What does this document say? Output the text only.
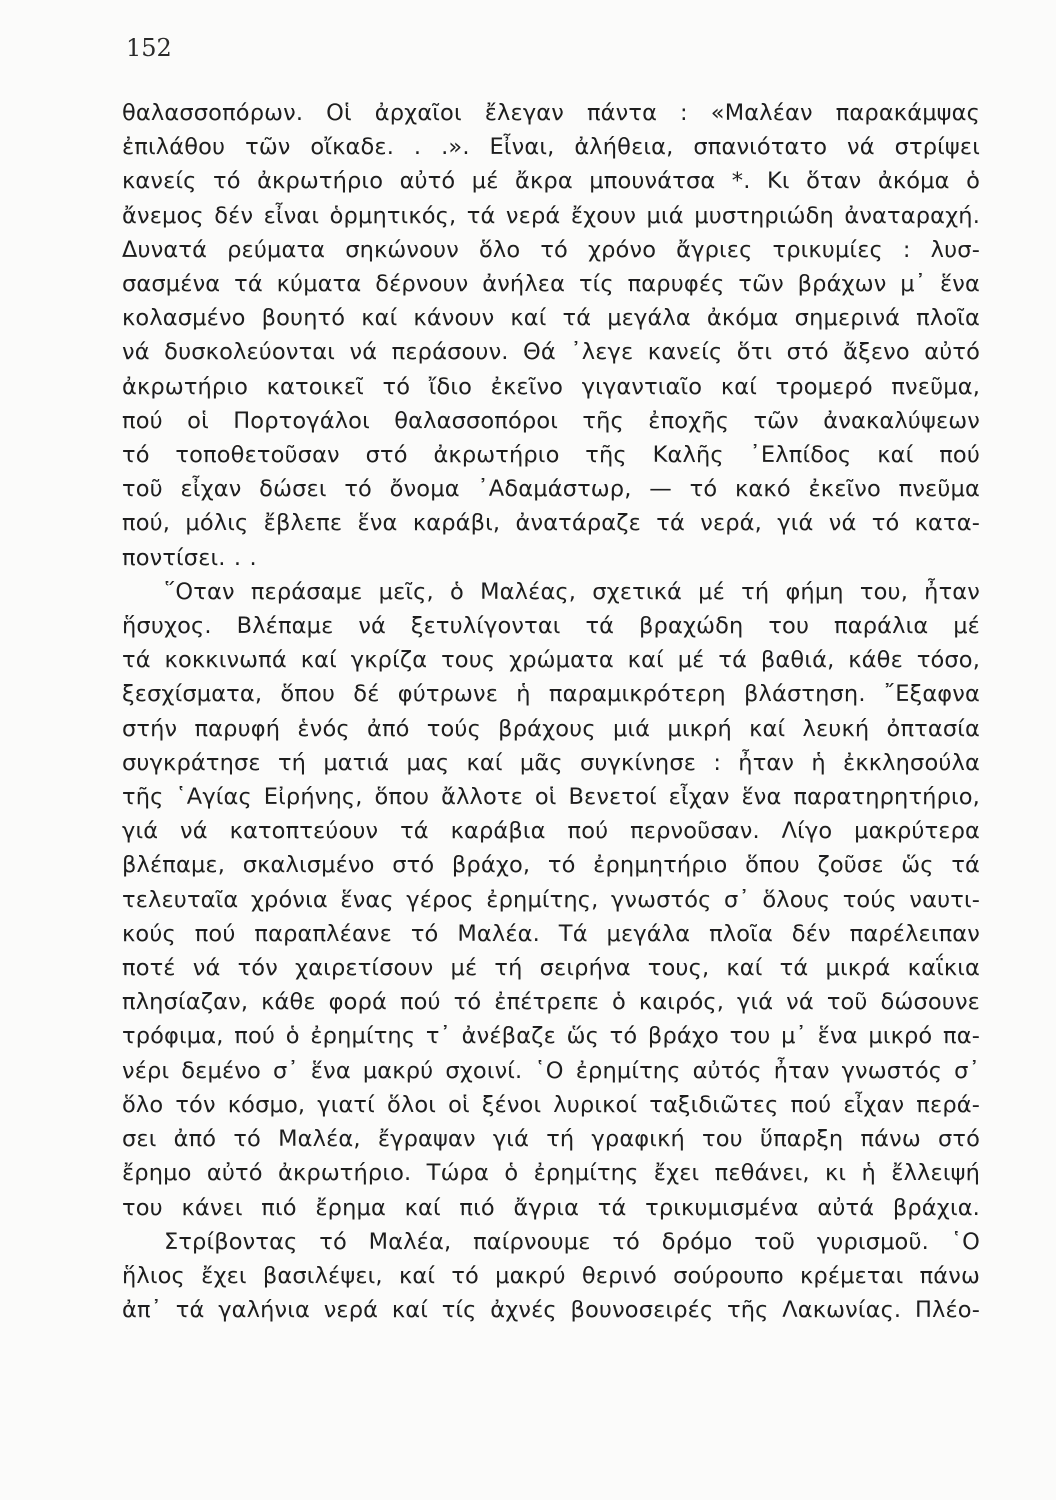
152

θαλασσοπόρων. Οἱ ἀρχαῖοι ἔλεγαν πάντα : «Μαλέαν παρακάμψας
ἐπιλάθου τῶν οἴκαδε. . .». Εἶναι, ἀλήθεια, σπανιότατο νά στρίψει
κανείς τό ἀκρωτήριο αὐτό μέ ἄκρα μπουνάτσα *. Κι ὅταν ἀκόμα ὁ
ἄνεμος δέν εἶναι ὁρμητικός, τά νερά ἔχουν μιά μυστηριώδη ἀναταραχή.
Δυνατά ρεύματα σηκώνουν ὅλο τό χρόνο ἄγριες τρικυμίες : λυσ-
σασμένα τά κύματα δέρνουν ἀνήλεα τίς παρυφές τῶν βράχων μ᾿ ἕνα
κολασμένο βουητό καί κάνουν καί τά μεγάλα ἀκόμα σημερινά πλοῖα
νά δυσκολεύονται νά περάσουν. Θά ᾿λεγε κανείς ὅτι στό ἄξενο αὐτό
ἀκρωτήριο κατοικεῖ τό ἴδιο ἐκεῖνο γιγαντιαῖο καί τρομερό πνεῦμα,
πού οἱ Πορτογάλοι θαλασσοπόροι τῆς ἐποχῆς τῶν ἀνακαλύψεων
τό τοποθετοῦσαν στό ἀκρωτήριο τῆς Καλῆς ᾿Ελπίδος καί πού
τοῦ εἶχαν δώσει τό ὄνομα ᾿Αδαμάστωρ, — τό κακό ἐκεῖνο πνεῦμα
πού, μόλις ἔβλεπε ἕνα καράβι, ἀνατάραζε τά νερά, γιά νά τό κατα-
ποντίσει. . .

῞Οταν περάσαμε μεῖς, ὁ Μαλέας, σχετικά μέ τή φήμη του, ἦταν
ἥσυχος. Βλέπαμε νά ξετυλίγονται τά βραχώδη του παράλια μέ
τά κοκκινωπά καί γκρίζα τους χρώματα καί μέ τά βαθιά, κάθε τόσο,
ξεσχίσματα, ὅπου δέ φύτρωνε ἡ παραμικρότερη βλάστηση. ῎Εξαφνα
στήν παρυφή ἑνός ἀπό τούς βράχους μιά μικρή καί λευκή ὀπτασία
συγκράτησε τή ματιά μας καί μᾶς συγκίνησε : ἦταν ἡ ἐκκλησούλα
τῆς ῾Αγίας Εἰρήνης, ὅπου ἄλλοτε οἱ Βενετοί εἶχαν ἕνα παρατηρητήριο,
γιά νά κατοπτεύουν τά καράβια πού περνοῦσαν. Λίγο μακρύτερα
βλέπαμε, σκαλισμένο στό βράχο, τό ἐρημητήριο ὅπου ζοῦσε ὥς τά
τελευταῖα χρόνια ἕνας γέρος ἐρημίτης, γνωστός σ᾿ ὅλους τούς ναυτι-
κούς πού παραπλέανε τό Μαλέα. Τά μεγάλα πλοῖα δέν παρέλειπαν
ποτέ νά τόν χαιρετίσουν μέ τή σειρήνα τους, καί τά μικρά καΐκια
πλησίαζαν, κάθε φορά πού τό ἐπέτρεπε ὁ καιρός, γιά νά τοῦ δώσουνε
τρόφιμα, πού ὁ ἐρημίτης τ᾿ ἀνέβαζε ὥς τό βράχο του μ᾿ ἕνα μικρό πα-
νέρι δεμένο σ᾿ ἕνα μακρύ σχοινί. ῾Ο ἐρημίτης αὐτός ἦταν γνωστός σ᾿
ὅλο τόν κόσμο, γιατί ὅλοι οἱ ξένοι λυρικοί ταξιδιῶτες πού εἶχαν περά-
σει ἀπό τό Μαλέα, ἔγραψαν γιά τή γραφική του ὕπαρξη πάνω στό
ἔρημο αὐτό ἀκρωτήριο. Τώρα ὁ ἐρημίτης ἔχει πεθάνει, κι ἡ ἔλλειψή
του κάνει πιό ἔρημα καί πιό ἄγρια τά τρικυμισμένα αὐτά βράχια.

Στρίβοντας τό Μαλέα, παίρνουμε τό δρόμο τοῦ γυρισμοῦ. ῾Ο
ἥλιος ἔχει βασιλέψει, καί τό μακρύ θερινό σούρουπο κρέμεται πάνω
ἀπ᾿ τά γαλήνια νερά καί τίς ἀχνές βουνοσειρές τῆς Λακωνίας. Πλέο-
